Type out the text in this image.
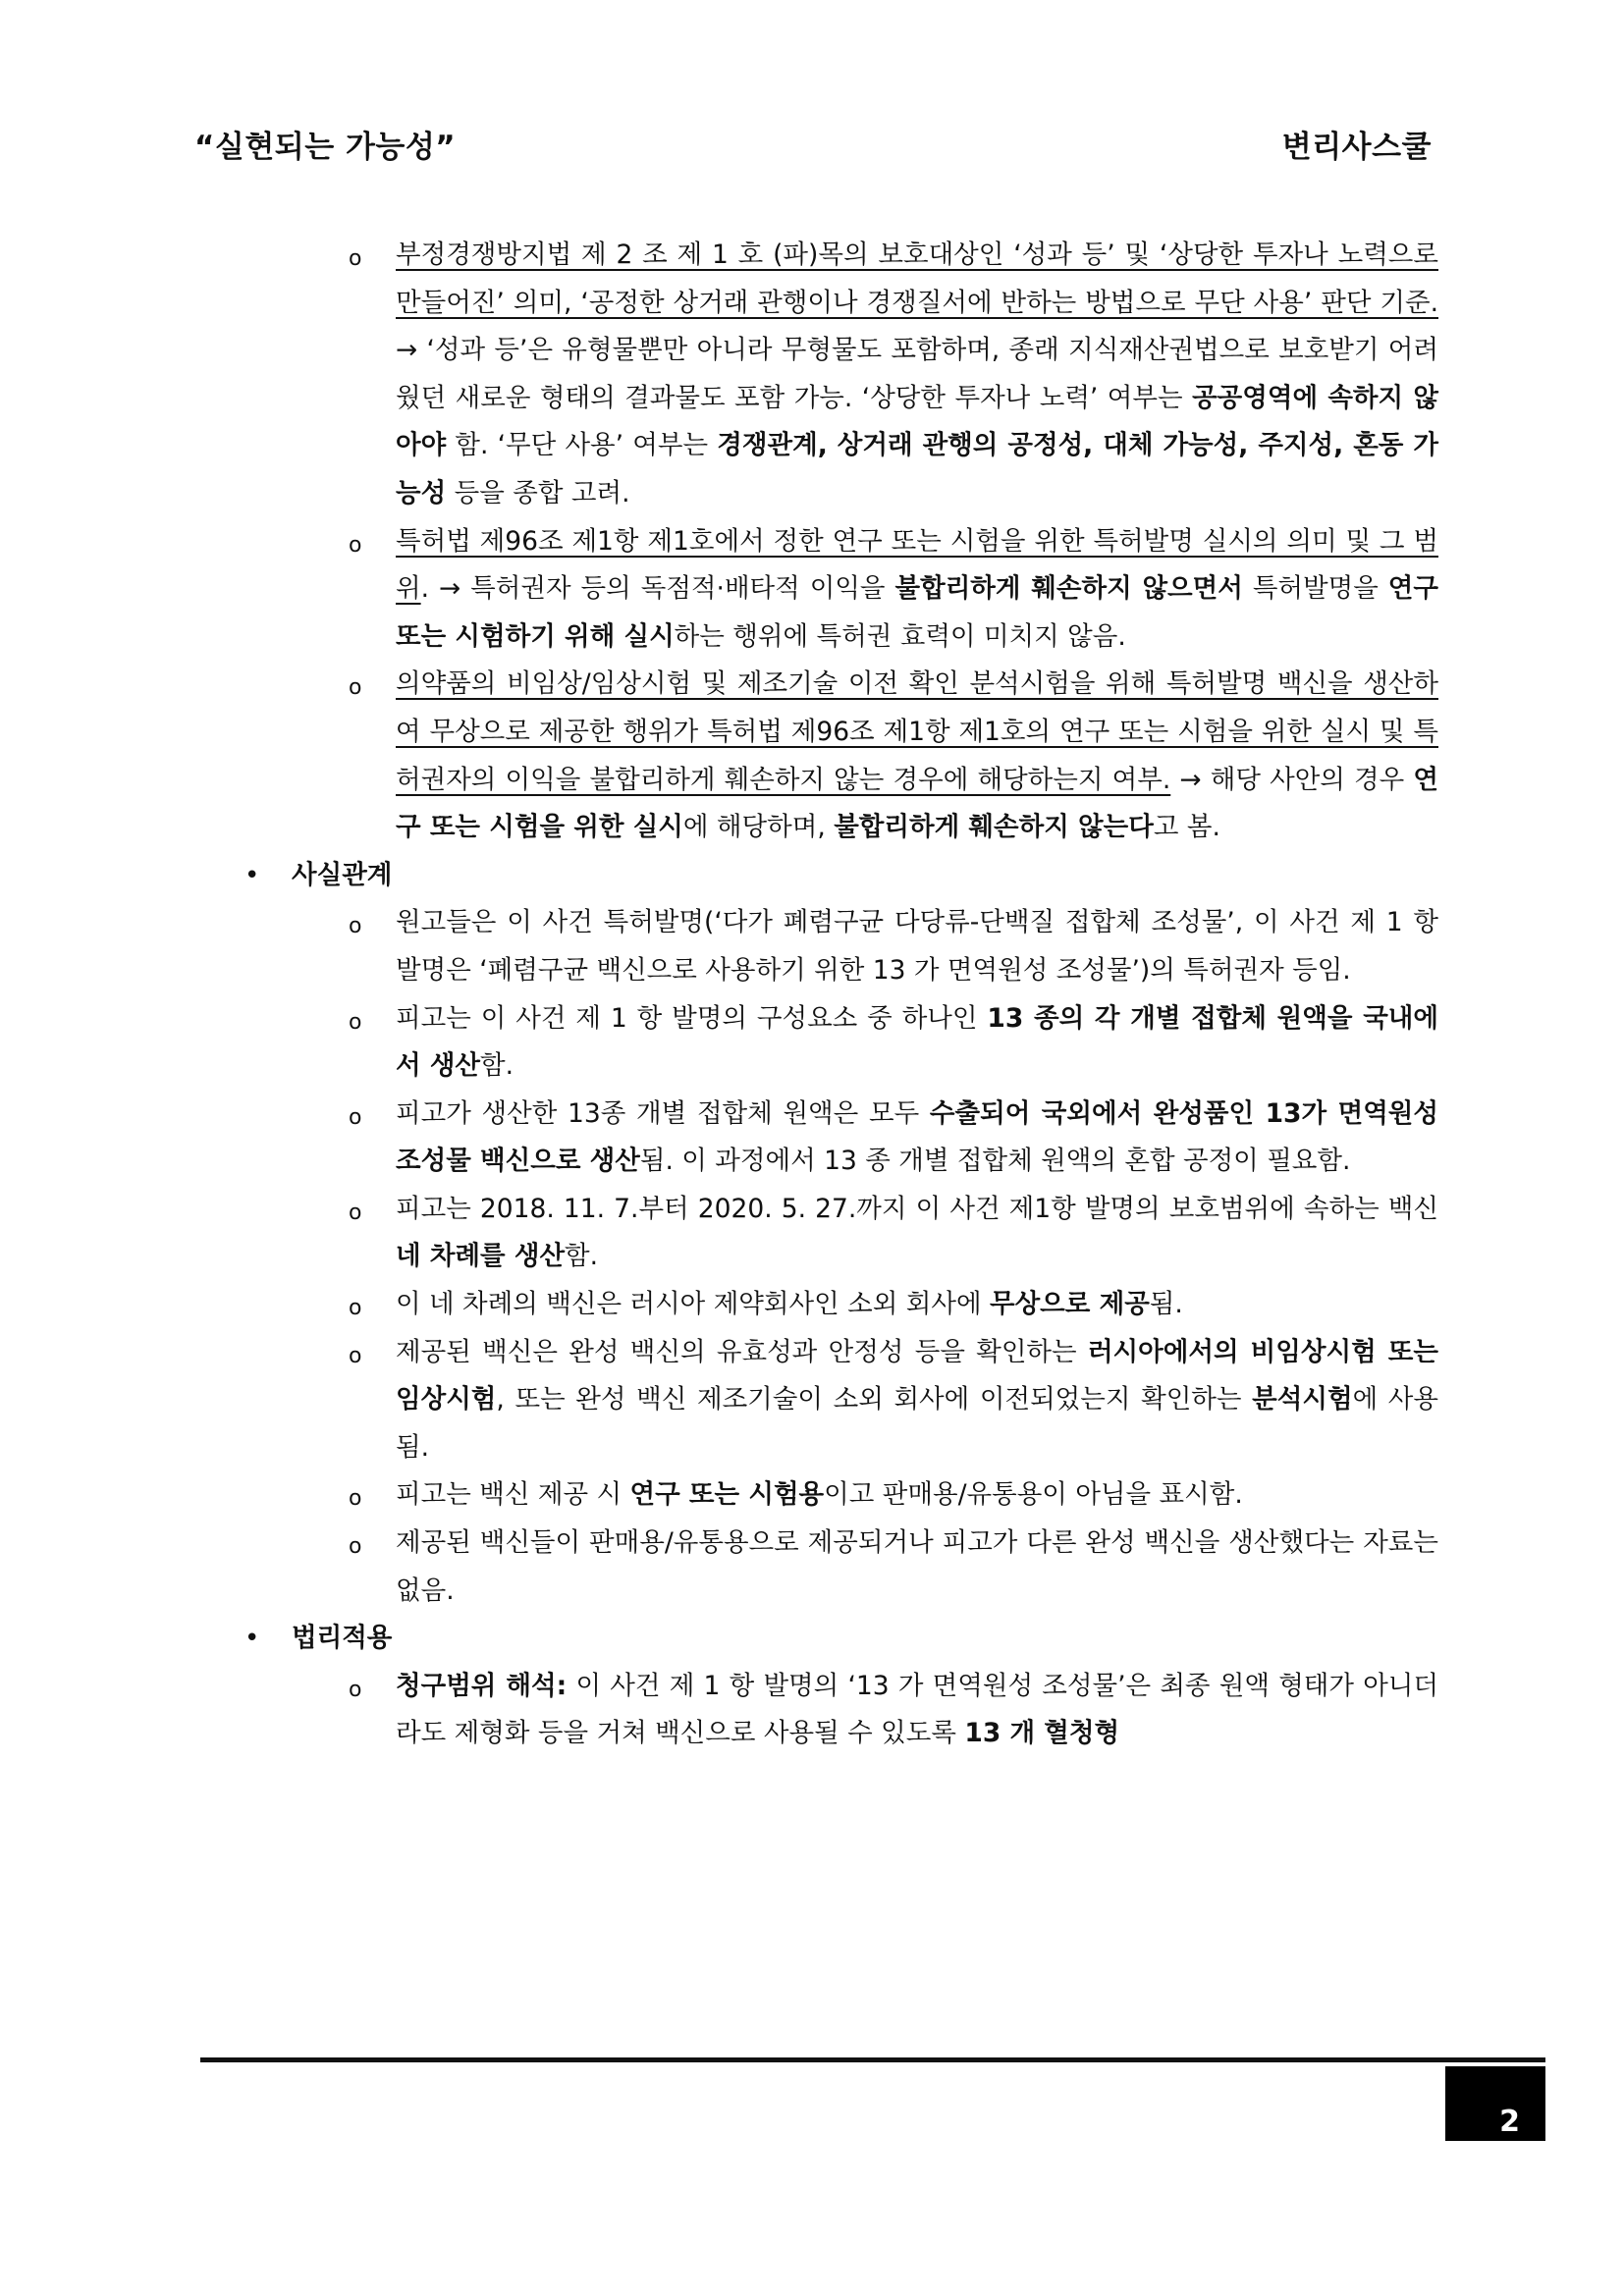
“실현되는 가능성”	변리사스쿨
o 부정경쟁방지법 제 2 조 제 1 호 (파)목의 보호대상인 ‘성과 등’ 및 ‘상당한 투자나 노력으로 만들어진’ 의미, ‘공정한 상거래 관행이나 경쟁질서에 반하는 방법으로 무단 사용’ 판단 기준. → ‘성과 등’은 유형물뿐만 아니라 무형물도 포함하며, 종래 지식재산권법으로 보호받기 어려웠던 새로운 형태의 결과물도 포함 가능. ‘상당한 투자나 노력’ 여부는 공공영역에 속하지 않아야 함. ‘무단 사용’ 여부는 경쟁관계, 상거래 관행의 공정성, 대체 가능성, 주지성, 혼동 가능성 등을 종합 고려.
o 특허법 제96조 제1항 제1호에서 정한 연구 또는 시험을 위한 특허발명 실시의 의미 및 그 범위. → 특허권자 등의 독점적·배타적 이익을 불합리하게 훼손하지 않으면서 특허발명을 연구 또는 시험하기 위해 실시하는 행위에 특허권 효력이 미치지 않음.
o 의약품의 비임상/임상시험 및 제조기술 이전 확인 분석시험을 위해 특허발명 백신을 생산하여 무상으로 제공한 행위가 특허법 제96조 제1항 제1호의 연구 또는 시험을 위한 실시 및 특허권자의 이익을 불합리하게 훼손하지 않는 경우에 해당하는지 여부. → 해당 사안의 경우 연구 또는 시험을 위한 실시에 해당하며, 불합리하게 훼손하지 않는다고 봄.
• 사실관계
o 원고들은 이 사건 특허발명(‘다가 폐렴구균 다당류-단백질 접합체 조성물’, 이 사건 제 1 항 발명은 ‘폐렴구균 백신으로 사용하기 위한 13 가 면역원성 조성물’)의 특허권자 등임.
o 피고는 이 사건 제 1 항 발명의 구성요소 중 하나인 13 종의 각 개별 접합체 원액을 국내에서 생산함.
o 피고가 생산한 13종 개별 접합체 원액은 모두 수출되어 국외에서 완성품인 13가 면역원성 조성물 백신으로 생산됨. 이 과정에서 13 종 개별 접합체 원액의 혼합 공정이 필요함.
o 피고는 2018. 11. 7.부터 2020. 5. 27.까지 이 사건 제1항 발명의 보호범위에 속하는 백신 네 차례를 생산함.
o 이 네 차례의 백신은 러시아 제약회사인 소외 회사에 무상으로 제공됨.
o 제공된 백신은 완성 백신의 유효성과 안정성 등을 확인하는 러시아에서의 비임상시험 또는 임상시험, 또는 완성 백신 제조기술이 소외 회사에 이전되었는지 확인하는 분석시험에 사용됨.
o 피고는 백신 제공 시 연구 또는 시험용이고 판매용/유통용이 아님을 표시함.
o 제공된 백신들이 판매용/유통용으로 제공되거나 피고가 다른 완성 백신을 생산했다는 자료는 없음.
• 법리적용
o 청구범위 해석: 이 사건 제 1 항 발명의 ‘13 가 면역원성 조성물’은 최종 원액 형태가 아니더라도 제형화 등을 거쳐 백신으로 사용될 수 있도록 13 개 혈청형
2
